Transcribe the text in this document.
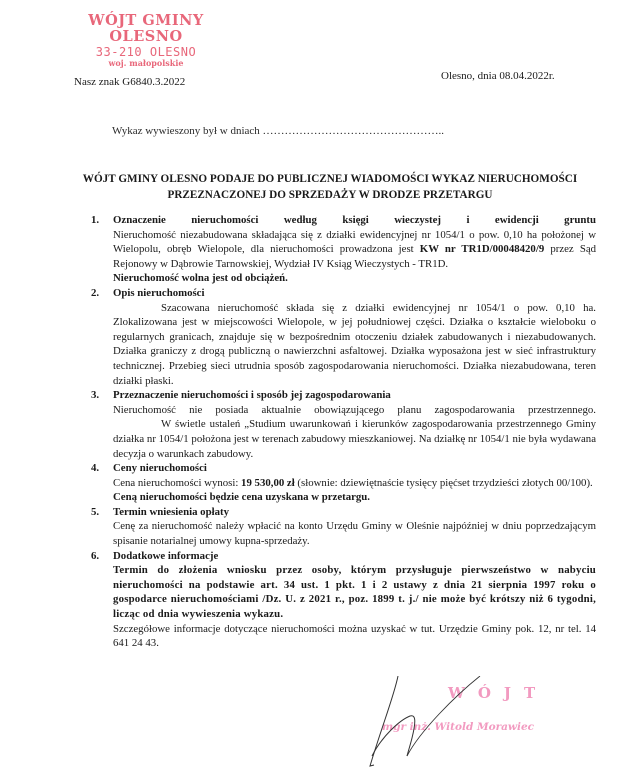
WÓJT GMINY
OLESNO
33-210 OLESNO
woj. małopolskie
Nasz znak G6840.3.2022	Olesno, dnia 08.04.2022r.
Wykaz wywieszony był w dniach …………………………………………..
WÓJT GMINY OLESNO PODAJE DO PUBLICZNEJ WIADOMOŚCI WYKAZ NIERUCHOMOŚCI
PRZEZNACZONEJ DO SPRZEDAŻY W DRODZE PRZETARGU
1. Oznaczenie nieruchomości według księgi wieczystej i ewidencji gruntu
Nieruchomość niezabudowana składająca się z działki ewidencyjnej nr 1054/1 o pow. 0,10 ha położonej w Wielopolu, obręb Wielopole, dla nieruchomości prowadzona jest KW nr TR1D/00048420/9 przez Sąd Rejonowy w Dąbrowie Tarnowskiej, Wydział IV Ksiąg Wieczystych - TR1D.
Nieruchomość wolna jest od obciążeń.
2. Opis nieruchomości
Szacowana nieruchomość składa się z działki ewidencyjnej nr 1054/1 o pow. 0,10 ha. Zlokalizowana jest w miejscowości Wielopole, w jej południowej części. Działka o kształcie wieloboku o regularnych granicach, znajduje się w bezpośrednim otoczeniu działek zabudowanych i niezabudowanych. Działka graniczy z drogą publiczną o nawierzchni asfaltowej. Działka wyposażona jest w sieć infrastruktury technicznej. Przebieg sieci utrudnia sposób zagospodarowania nieruchomości. Działka niezabudowana, teren działki płaski.
3. Przeznaczenie nieruchomości i sposób jej zagospodarowania
Nieruchomość nie posiada aktualnie obowiązującego planu zagospodarowania przestrzennego.
W świetle ustaleń „Studium uwarunkowań i kierunków zagospodarowania przestrzennego Gminy działka nr 1054/1 położona jest w terenach zabudowy mieszkaniowej. Na działkę nr 1054/1 nie była wydawana decyzja o warunkach zabudowy.
4. Ceny nieruchomości
Cena nieruchomości wynosi: 19 530,00 zł (słownie: dziewiętnaście tysięcy pięćset trzydzieści złotych 00/100).
Ceną nieruchomości będzie cena uzyskana w przetargu.
5. Termin wniesienia opłaty
Cenę za nieruchomość należy wpłacić na konto Urzędu Gminy w Oleśnie najpóźniej w dniu poprzedzającym spisanie notarialnej umowy kupna-sprzedaży.
6. Dodatkowe informacje
Termin do złożenia wniosku przez osoby, którym przysługuje pierwszeństwo w nabyciu nieruchomości na podstawie art. 34 ust. 1 pkt. 1 i 2 ustawy z dnia 21 sierpnia 1997 roku o gospodarce nieruchomościami /Dz. U. z 2021 r., poz. 1899 t. j./ nie może być krótszy niż 6 tygodni, licząc od dnia wywieszenia wykazu.
Szczegółowe informacje dotyczące nieruchomości można uzyskać w tut. Urzędzie Gminy pok. 12, nr tel. 14 641 24 43.
WÓJT
mgr inż. Witold Morawiec
